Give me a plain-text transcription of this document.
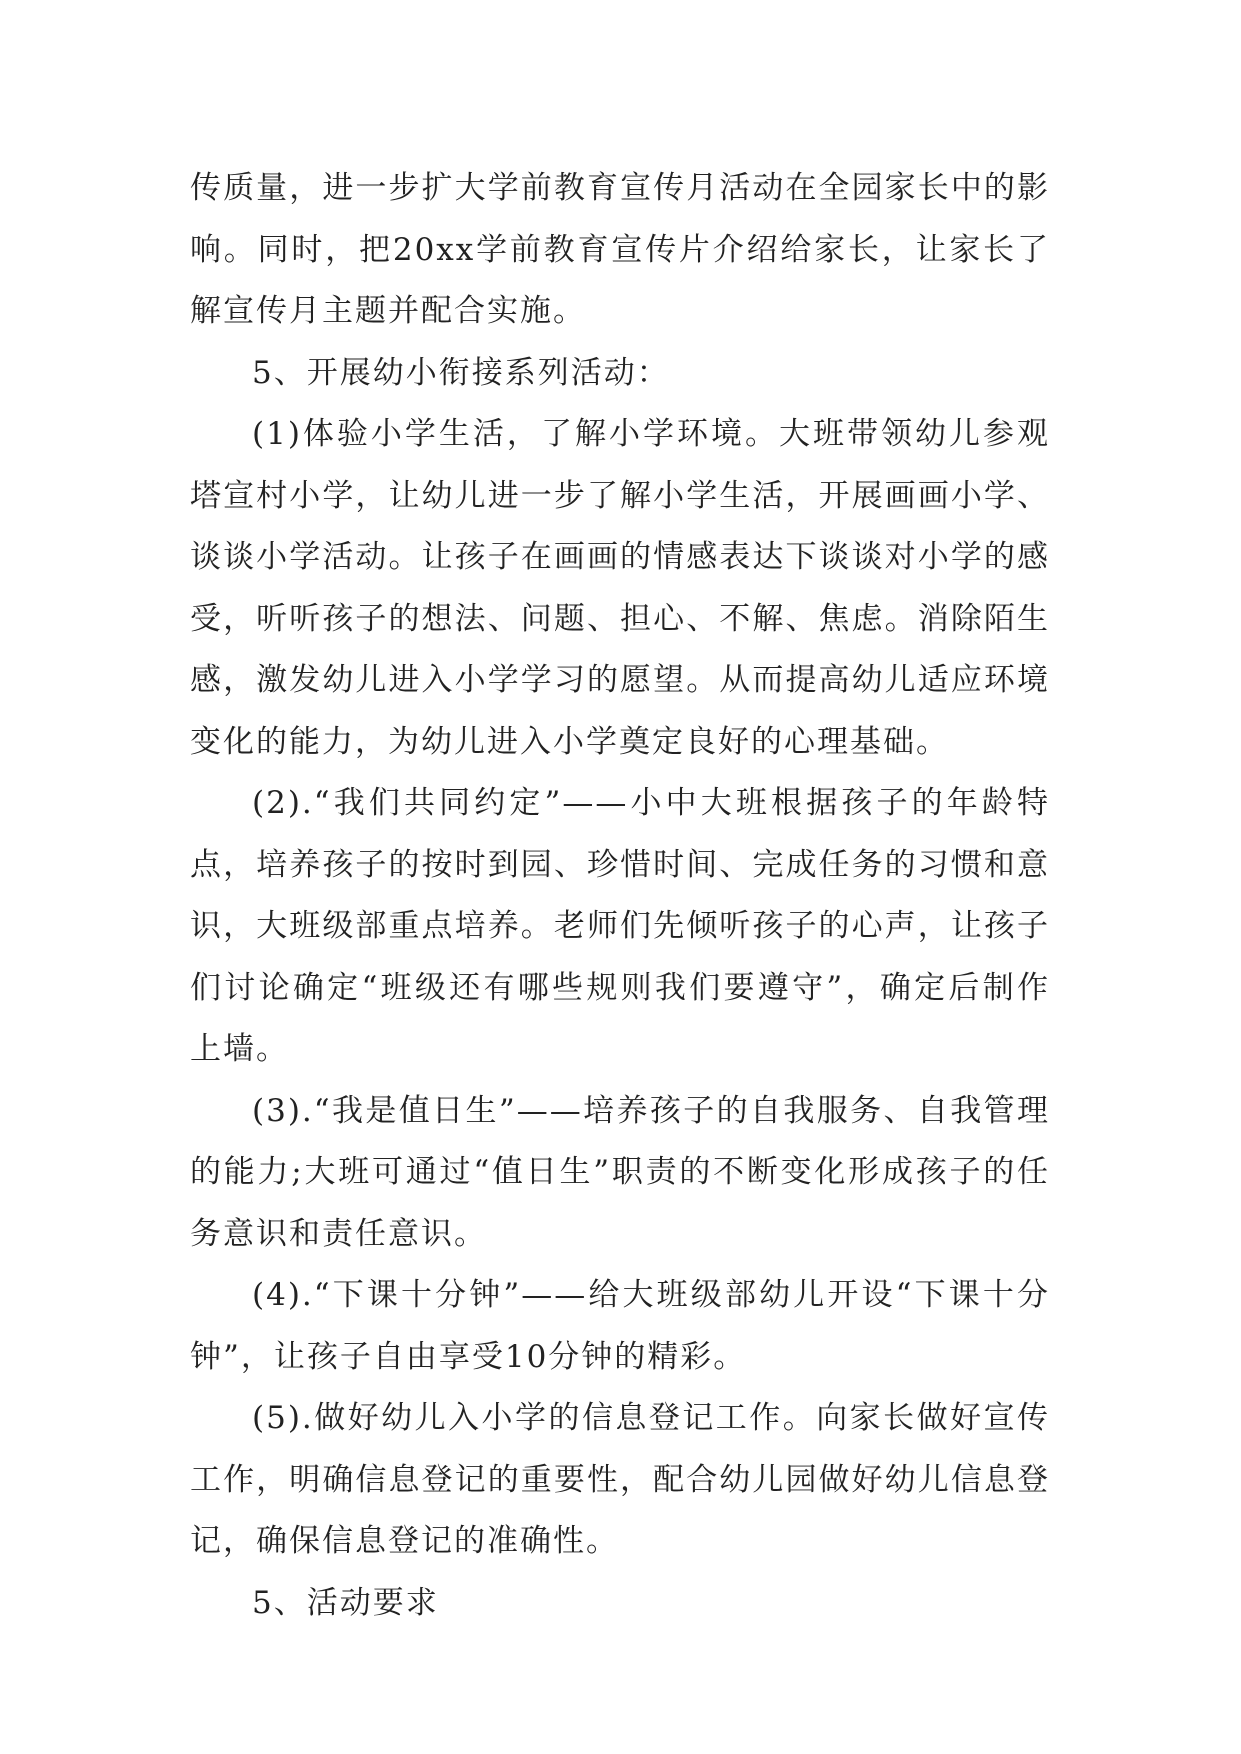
传质量，进一步扩大学前教育宣传月活动在全园家长中的影响。同时，把20xx学前教育宣传片介绍给家长，让家长了解宣传月主题并配合实施。

5、开展幼小衔接系列活动：

(1)体验小学生活，了解小学环境。大班带领幼儿参观塔宣村小学，让幼儿进一步了解小学生活，开展画画小学、谈谈小学活动。让孩子在画画的情感表达下谈谈对小学的感受，听听孩子的想法、问题、担心、不解、焦虑。消除陌生感，激发幼儿进入小学学习的愿望。从而提高幼儿适应环境变化的能力，为幼儿进入小学奠定良好的心理基础。

(2).“我们共同约定”——小中大班根据孩子的年龄特点，培养孩子的按时到园、珍惜时间、完成任务的习惯和意识，大班级部重点培养。老师们先倾听孩子的心声，让孩子们讨论确定“班级还有哪些规则我们要遵守”，确定后制作上墙。

(3).“我是值日生”——培养孩子的自我服务、自我管理的能力;大班可通过“值日生”职责的不断变化形成孩子的任务意识和责任意识。

(4).“下课十分钟”——给大班级部幼儿开设“下课十分钟”，让孩子自由享受10分钟的精彩。

(5).做好幼儿入小学的信息登记工作。向家长做好宣传工作，明确信息登记的重要性，配合幼儿园做好幼儿信息登记，确保信息登记的准确性。

5、活动要求
